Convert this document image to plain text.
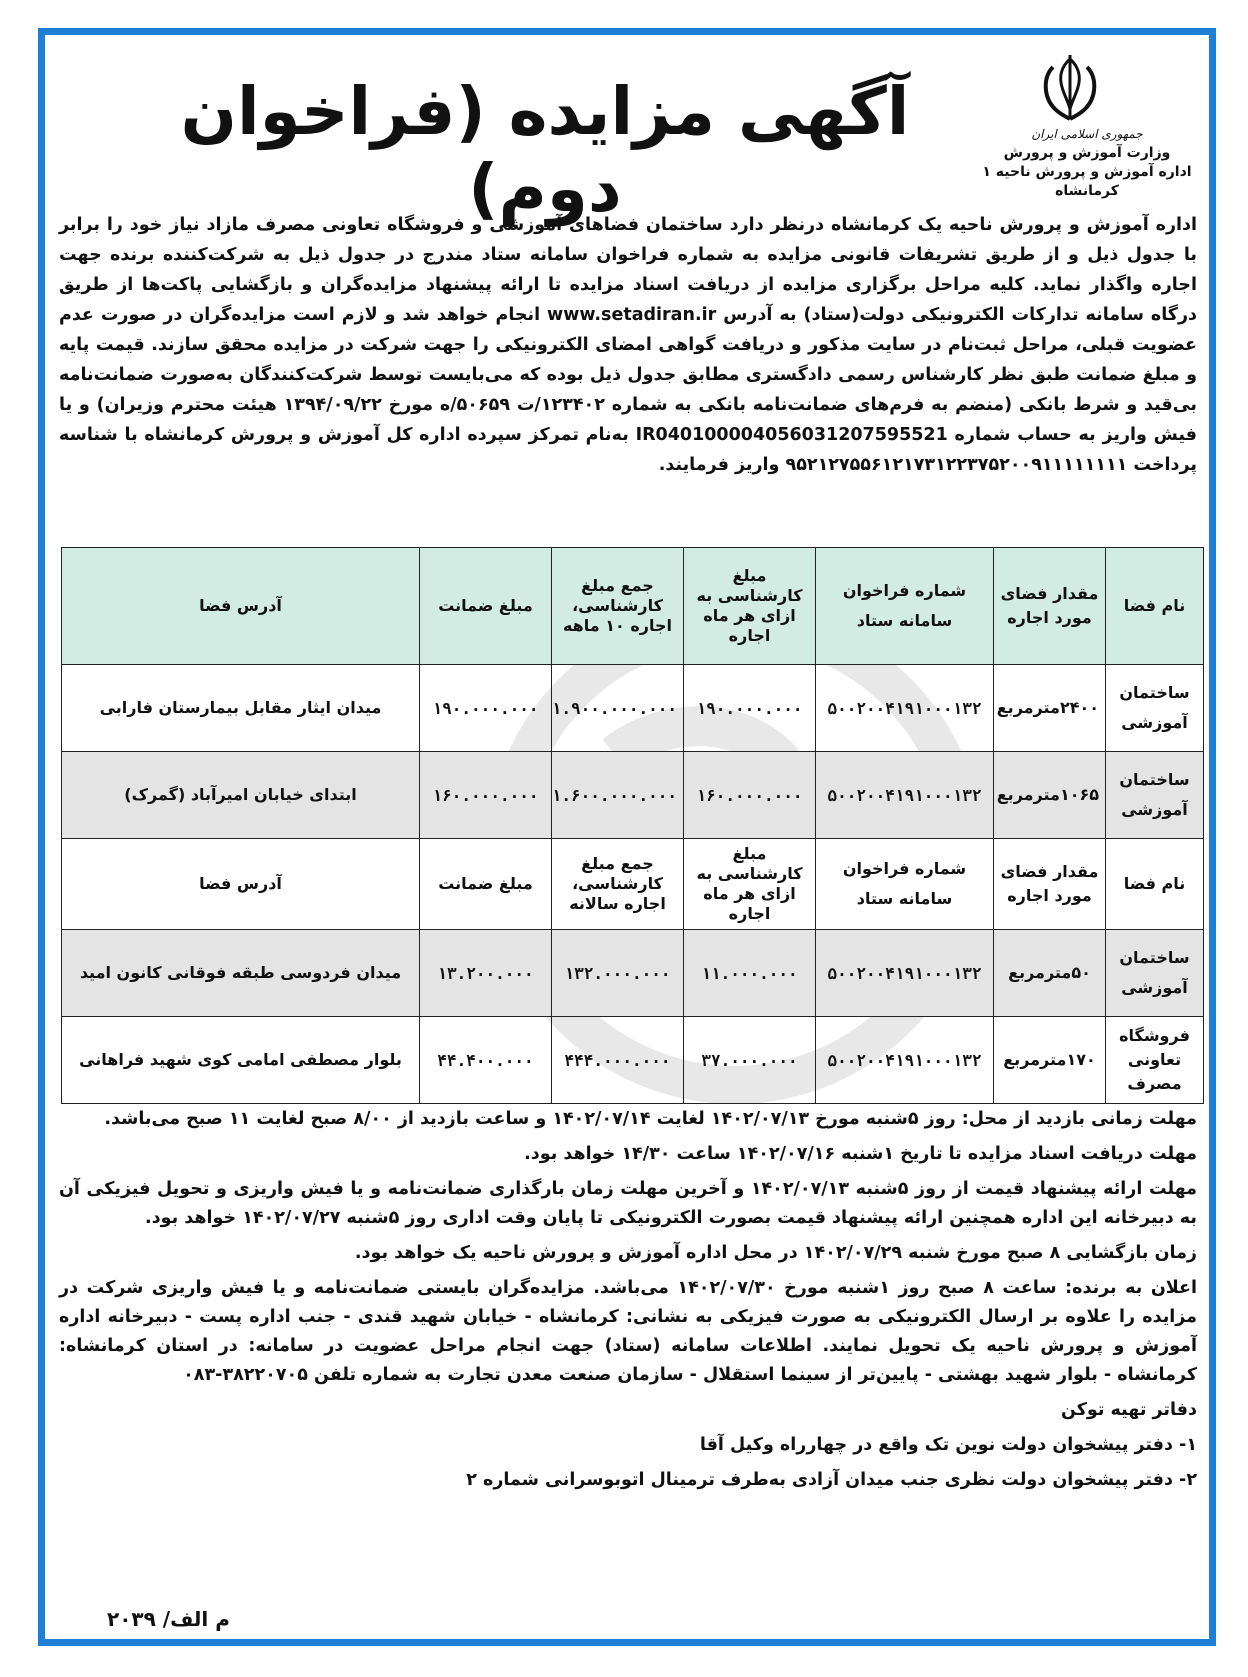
جمهوری اسلامی ایران
وزارت آموزش و پرورش
اداره آموزش و پرورش ناحیه ۱ کرمانشاه
آگهی مزایده (فراخوان دوم)
اداره آموزش و پرورش ناحیه یک کرمانشاه درنظر دارد ساختمان فضاهای آموزشی و فروشگاه تعاونی مصرف مازاد نیاز خود را برابر با جدول ذیل و از طریق تشریفات قانونی مزایده به شماره فراخوان سامانه ستاد مندرج در جدول ذیل به شرکت‌کننده برنده جهت اجاره واگذار نماید. کلیه مراحل برگزاری مزایده از دریافت اسناد مزایده تا ارائه پیشنهاد مزایده‌گران و بازگشایی پاکت‌ها از طریق درگاه سامانه تدارکات الکترونیکی دولت(ستاد) به آدرس www.setadiran.ir انجام خواهد شد و لازم است مزایده‌گران در صورت عدم عضویت قبلی، مراحل ثبت‌نام در سایت مذکور و دریافت گواهی امضای الکترونیکی را جهت شرکت در مزایده محقق سازند. قیمت پایه و مبلغ ضمانت طبق نظر کارشناس رسمی دادگستری مطابق جدول ذیل بوده که می‌بایست توسط شرکت‌کنندگان به‌صورت ضمانت‌نامه بی‌قید و شرط بانکی (منضم به فرم‌های ضمانت‌نامه بانکی به شماره ۱۲۳۴۰۲/ت ۵۰۶۵۹/ه مورخ ۱۳۹۴/۰۹/۲۲ هیئت محترم وزیران) و یا فیش واریز به حساب شماره IR040100004056031207595521 به‌نام تمرکز سپرده اداره کل آموزش و پرورش کرمانشاه با شناسه پرداخت ۹۵۲۱۲۷۵۵۶۱۲۱۷۳۱۲۲۳۷۵۲۰۰۹۱۱۱۱۱۱۱۱ واریز فرمایند.
نام فضا	مقدار فضای مورد اجاره	شماره فراخوان سامانه ستاد	مبلغ کارشناسی به ازای هر ماه اجاره	جمع مبلغ کارشناسی، اجاره ۱۰ ماهه	مبلغ ضمانت	آدرس فضا
ساختمان آموزشی	۲۴۰۰مترمربع	۵۰۰۲۰۰۴۱۹۱۰۰۰۱۳۲	۱۹۰.۰۰۰.۰۰۰	۱.۹۰۰.۰۰۰.۰۰۰	۱۹۰.۰۰۰.۰۰۰	میدان ایثار مقابل بیمارستان فارابی
ساختمان آموزشی	۱۰۶۵مترمربع	۵۰۰۲۰۰۴۱۹۱۰۰۰۱۳۲	۱۶۰.۰۰۰.۰۰۰	۱.۶۰۰.۰۰۰.۰۰۰	۱۶۰.۰۰۰.۰۰۰	ابتدای خیابان امیرآباد (گمرک)
نام فضا	مقدار فضای مورد اجاره	شماره فراخوان سامانه ستاد	مبلغ کارشناسی به ازای هر ماه اجاره	جمع مبلغ کارشناسی، اجاره سالانه	مبلغ ضمانت	آدرس فضا
ساختمان آموزشی	۵۰مترمربع	۵۰۰۲۰۰۴۱۹۱۰۰۰۱۳۲	۱۱.۰۰۰.۰۰۰	۱۳۲.۰۰۰.۰۰۰	۱۳.۲۰۰.۰۰۰	میدان فردوسی طبقه فوقانی کانون امید
فروشگاه تعاونی مصرف	۱۷۰مترمربع	۵۰۰۲۰۰۴۱۹۱۰۰۰۱۳۲	۳۷.۰۰۰.۰۰۰	۴۴۴.۰۰۰.۰۰۰	۴۴.۴۰۰.۰۰۰	بلوار مصطفی امامی کوی شهید فراهانی

مهلت زمانی بازدید از محل: روز ۵شنبه مورخ ۱۴۰۲/۰۷/۱۳ لغایت ۱۴۰۲/۰۷/۱۴ و ساعت بازدید از ۸/۰۰ صبح لغایت ۱۱ صبح می‌باشد.

مهلت دریافت اسناد مزایده تا تاریخ ۱شنبه ۱۴۰۲/۰۷/۱۶ ساعت ۱۴/۳۰ خواهد بود.

مهلت ارائه پیشنهاد قیمت از روز ۵شنبه ۱۴۰۲/۰۷/۱۳ و آخرین مهلت زمان بارگذاری ضمانت‌نامه و یا فیش واریزی و تحویل فیزیکی آن به دبیرخانه این اداره همچنین ارائه پیشنهاد قیمت بصورت الکترونیکی تا پایان وقت اداری روز ۵شنبه ۱۴۰۲/۰۷/۲۷ خواهد بود.

زمان بازگشایی ۸ صبح مورخ شنبه ۱۴۰۲/۰۷/۲۹ در محل اداره آموزش و پرورش ناحیه یک خواهد بود.

اعلان به برنده: ساعت ۸ صبح روز ۱شنبه مورخ ۱۴۰۲/۰۷/۳۰ می‌باشد. مزایده‌گران بایستی ضمانت‌نامه و یا فیش واریزی شرکت در مزایده را علاوه بر ارسال الکترونیکی به صورت فیزیکی به نشانی: کرمانشاه - خیابان شهید قندی - جنب اداره پست - دبیرخانه اداره آموزش و پرورش ناحیه یک تحویل نمایند. اطلاعات سامانه (ستاد) جهت انجام مراحل عضویت در سامانه: در استان کرمانشاه: کرمانشاه - بلوار شهید بهشتی - پایین‌تر از سینما استقلال - سازمان صنعت معدن تجارت به شماره تلفن ۳۸۲۲۰۷۰۵-۰۸۳

دفاتر تهیه توکن

۱- دفتر پیشخوان دولت نوین تک واقع در چهارراه وکیل آقا

۲- دفتر پیشخوان دولت نظری جنب میدان آزادی به‌طرف ترمینال اتوبوسرانی شماره ۲

م الف/ ۲۰۳۹
